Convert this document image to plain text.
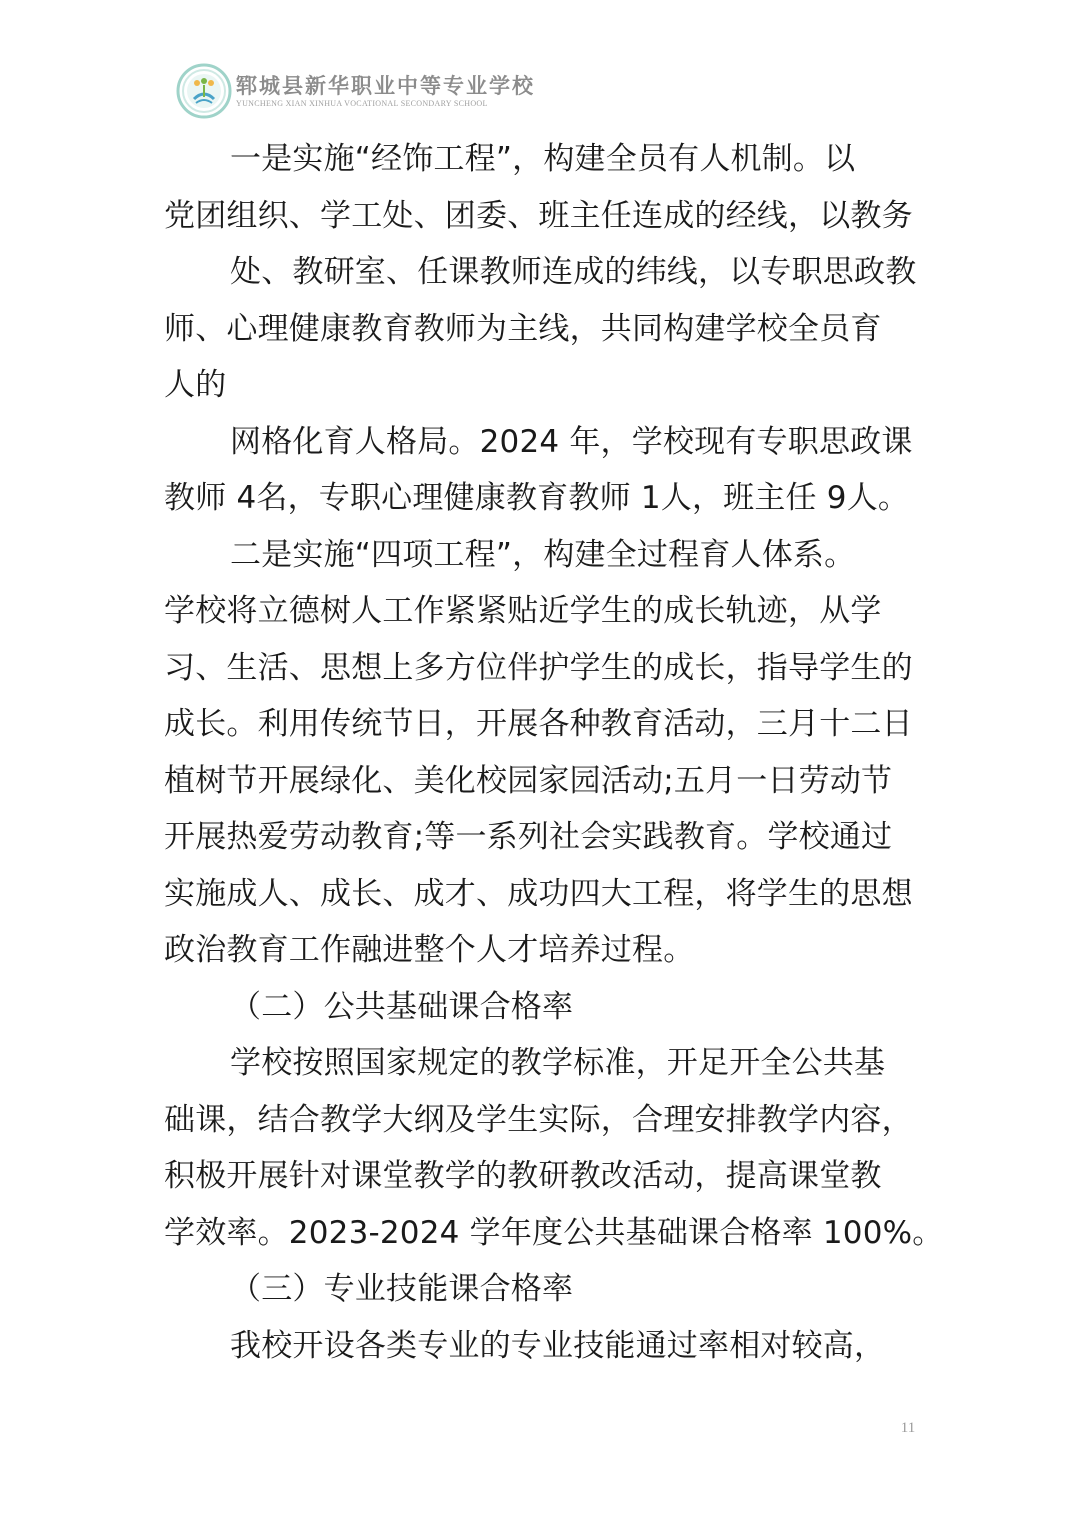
郓城县新华职业中等专业学校
YUNCHENG XIAN XINHUA VOCATIONAL SECONDARY SCHOOL
一是实施“经饰工程”，构建全员有人机制。以
党团组织、学工处、团委、班主任连成的经线，以教务
处、教研室、任课教师连成的纬线，以专职思政教
师、心理健康教育教师为主线，共同构建学校全员育
人的
网格化育人格局。2024 年，学校现有专职思政课
教师 4名，专职心理健康教育教师 1人，班主任 9人。
二是实施“四项工程”，构建全过程育人体系。
学校将立德树人工作紧紧贴近学生的成长轨迹，从学
习、生活、思想上多方位伴护学生的成长，指导学生的
成长。利用传统节日，开展各种教育活动，三月十二日
植树节开展绿化、美化校园家园活动;五月一日劳动节
开展热爱劳动教育;等一系列社会实践教育。学校通过
实施成人、成长、成才、成功四大工程，将学生的思想
政治教育工作融进整个人才培养过程。
（二）公共基础课合格率
学校按照国家规定的教学标准，开足开全公共基
础课，结合教学大纲及学生实际，合理安排教学内容，
积极开展针对课堂教学的教研教改活动，提高课堂教
学效率。2023-2024 学年度公共基础课合格率 100%。
（三）专业技能课合格率
我校开设各类专业的专业技能通过率相对较高，
11
